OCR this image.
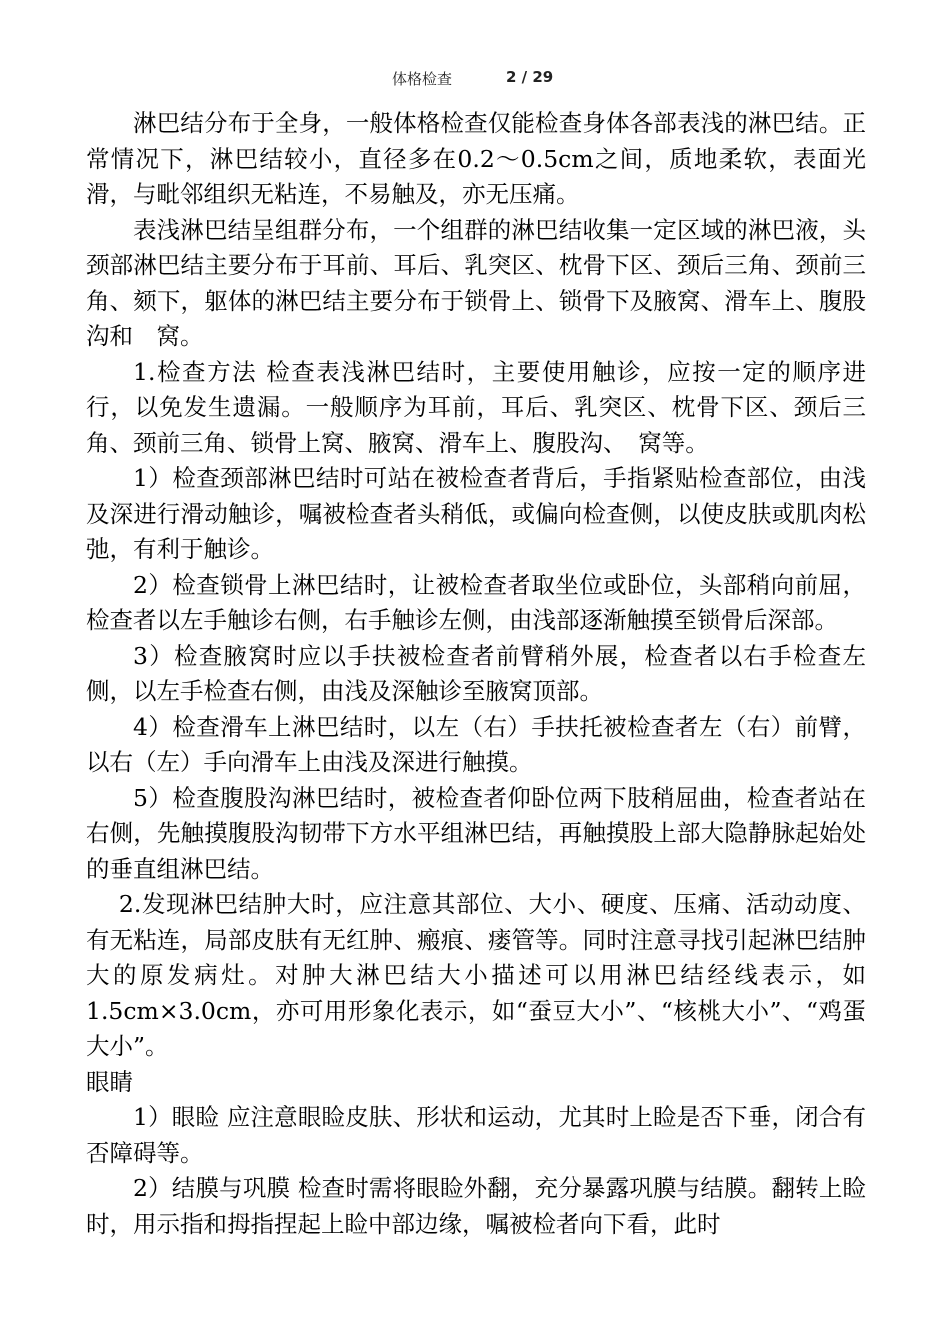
体格检查	2 / 29

淋巴结分布于全身，一般体格检查仅能检查身体各部表浅的淋巴结。正常情况下，淋巴结较小，直径多在0.2～0.5cm之间，质地柔软，表面光滑，与毗邻组织无粘连，不易触及，亦无压痛。

表浅淋巴结呈组群分布，一个组群的淋巴结收集一定区域的淋巴液，头颈部淋巴结主要分布于耳前、耳后、乳突区、枕骨下区、颈后三角、颈前三角、颏下，躯体的淋巴结主要分布于锁骨上、锁骨下及腋窝、滑车上、腹股沟和　窝。

1.检查方法 检查表浅淋巴结时，主要使用触诊，应按一定的顺序进行，以免发生遗漏。一般顺序为耳前，耳后、乳突区、枕骨下区、颈后三角、颈前三角、锁骨上窝、腋窝、滑车上、腹股沟、　窝等。

1）检查颈部淋巴结时可站在被检查者背后，手指紧贴检查部位，由浅及深进行滑动触诊，嘱被检查者头稍低，或偏向检查侧，以使皮肤或肌肉松弛，有利于触诊。

2）检查锁骨上淋巴结时，让被检查者取坐位或卧位，头部稍向前屈，检查者以左手触诊右侧，右手触诊左侧，由浅部逐渐触摸至锁骨后深部。

3）检查腋窝时应以手扶被检查者前臂稍外展，检查者以右手检查左侧，以左手检查右侧，由浅及深触诊至腋窝顶部。

4）检查滑车上淋巴结时，以左（右）手扶托被检查者左（右）前臂，以右（左）手向滑车上由浅及深进行触摸。

5）检查腹股沟淋巴结时，被检查者仰卧位两下肢稍屈曲，检查者站在右侧，先触摸腹股沟韧带下方水平组淋巴结，再触摸股上部大隐静脉起始处的垂直组淋巴结。

2.发现淋巴结肿大时，应注意其部位、大小、硬度、压痛、活动动度、有无粘连，局部皮肤有无红肿、瘢痕、瘘管等。同时注意寻找引起淋巴结肿大的原发病灶。对肿大淋巴结大小描述可以用淋巴结经线表示，如1.5cm×3.0cm，亦可用形象化表示，如“蚕豆大小”、“核桃大小”、“鸡蛋大小”。

眼睛

1）眼睑 应注意眼睑皮肤、形状和运动，尤其时上睑是否下垂，闭合有否障碍等。

2）结膜与巩膜 检查时需将眼睑外翻，充分暴露巩膜与结膜。翻转上睑时，用示指和拇指捏起上睑中部边缘，嘱被检者向下看，此时
